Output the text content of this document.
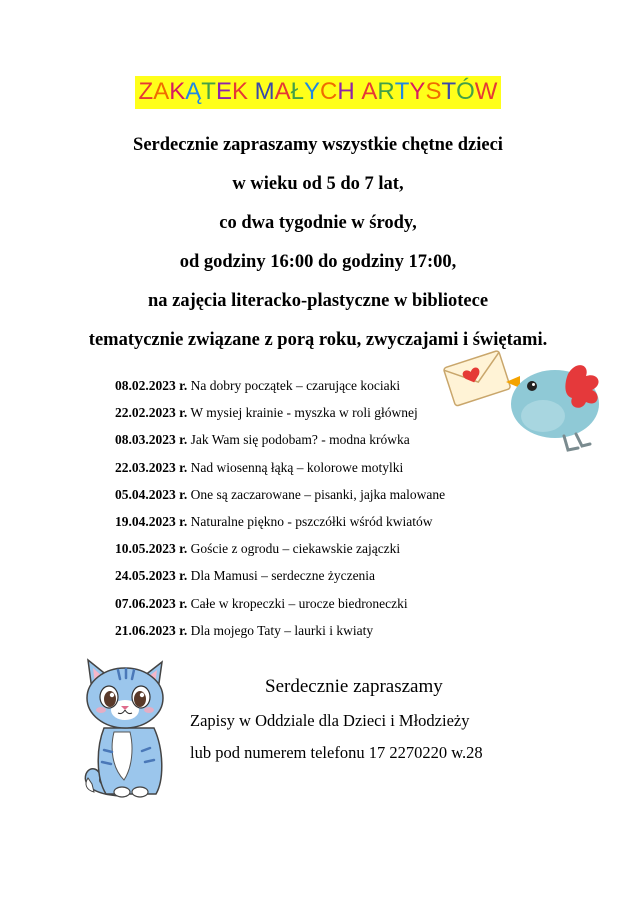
ZAKĄTEK MAŁYCH ARTYSTÓW

Serdecznie zapraszamy wszystkie chętne dzieci

w wieku od 5 do 7 lat,

co dwa tygodnie w środy,

od godziny 16:00 do godziny 17:00,

na zajęcia literacko-plastyczne w bibliotece

tematycznie związane z porą roku, zwyczajami i świętami.

08.02.2023 r. Na dobry początek – czarujące kociaki
22.02.2023 r. W mysiej krainie - myszka w roli głównej
08.03.2023 r. Jak Wam się podobam? - modna krówka
22.03.2023 r. Nad wiosenną łąką – kolorowe motylki
05.04.2023 r. One są zaczarowane – pisanki, jajka malowane
19.04.2023 r. Naturalne piękno - pszczółki wśród kwiatów
10.05.2023 r. Goście z ogrodu – ciekawskie zajączki
24.05.2023 r. Dla Mamusi – serdeczne życzenia
07.06.2023 r. Całe w kropeczki – urocze biedroneczki
21.06.2023 r. Dla mojego Taty – laurki i kwiaty
Serdecznie zapraszamy
Zapisy w Oddziale dla Dzieci i Młodzieży
lub pod numerem telefonu 17 2270220 w.28
